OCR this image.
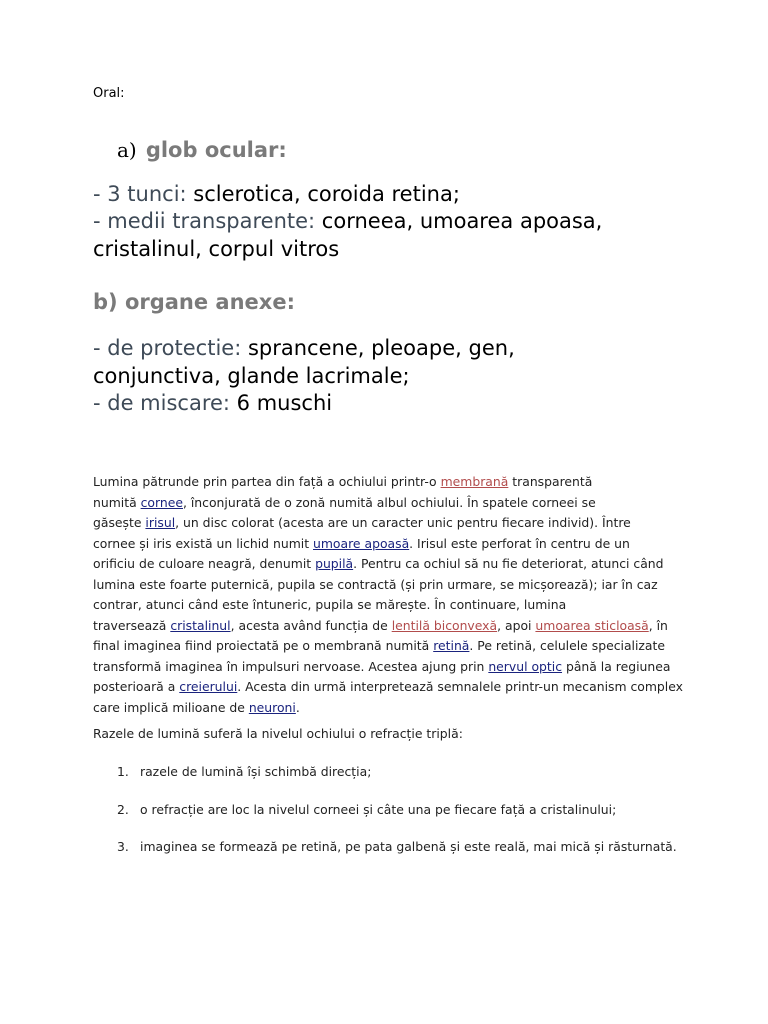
Oral:
a) glob ocular:
- 3 tunci: sclerotica, coroida retina;
- medii transparente: corneea, umoarea apoasa,
cristalinul, corpul vitros
b) organe anexe:
- de protectie: sprancene, pleoape, gen,
conjunctiva, glande lacrimale;
- de miscare: 6 muschi
Lumina pătrunde prin partea din față a ochiului printr-o membrană transparentă
numită cornee, înconjurată de o zonă numită albul ochiului. În spatele corneei se
găsește irisul, un disc colorat (acesta are un caracter unic pentru fiecare individ). Între
cornee și iris există un lichid numit umoare apoasă. Irisul este perforat în centru de un
orificiu de culoare neagră, denumit pupilă. Pentru ca ochiul să nu fie deteriorat, atunci când
lumina este foarte puternică, pupila se contractă (și prin urmare, se micșorează); iar în caz
contrar, atunci când este întuneric, pupila se mărește. În continuare, lumina
traversează cristalinul, acesta având funcția de lentilă biconvexă, apoi umoarea sticloasă, în
final imaginea fiind proiectată pe o membrană numită retină. Pe retină, celulele specializate
transformă imaginea în impulsuri nervoase. Acestea ajung prin nervul optic până la regiunea
posterioară a creierului. Acesta din urmă interpretează semnalele printr-un mecanism complex
care implică milioane de neuroni.
Razele de lumină suferă la nivelul ochiului o refracție triplă:
1. razele de lumină își schimbă direcția;
2. o refracție are loc la nivelul corneei și câte una pe fiecare față a cristalinului;
3. imaginea se formează pe retină, pe pata galbenă și este reală, mai mică și răsturnată.
